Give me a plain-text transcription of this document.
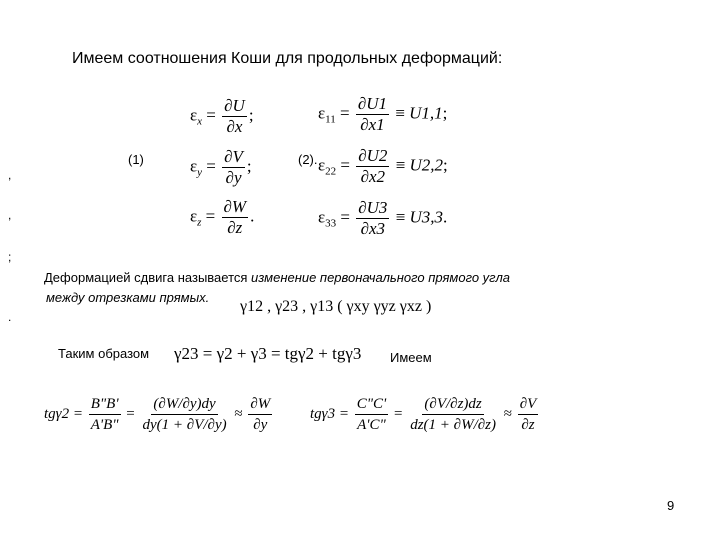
Имеем соотношения Коши для продольных деформаций:
,
,
;
.
(1)	(2).
$\varepsilon_x = \frac{\partial U}{\partial x}$ ;
$\varepsilon_y = \frac{\partial V}{\partial y}$ ;
$\varepsilon_z = \frac{\partial W}{\partial z}$ .
$\varepsilon_{11} = \frac{\partial U1}{\partial x1} \equiv U1,1$;
$\varepsilon_{22} = \frac{\partial U2}{\partial x2} \equiv U2,2$;
$\varepsilon_{33} = \frac{\partial U3}{\partial x3} \equiv U3,3$.
Деформацией сдвига называется изменение первоначального прямого угла
между отрезками прямых.
γ12 , γ23 , γ13 ( γxy γyz γxz )
Таким образом γ23 = γ2 + γ3 = tgγ2 + tgγ3 Имеем
$tg\gamma 2 = \frac{B"B'}{A'B"} = \frac{(\partial W/\partial y)dy}{dy(1 + \partial V/\partial y)} \approx \frac{\partial W}{\partial y}$	$tg\gamma 3 = \frac{C"C'}{A'C"} = \frac{(\partial V/\partial z)dz}{dz(1 + \partial W/\partial z)} \approx \frac{\partial V}{\partial z}$
9
